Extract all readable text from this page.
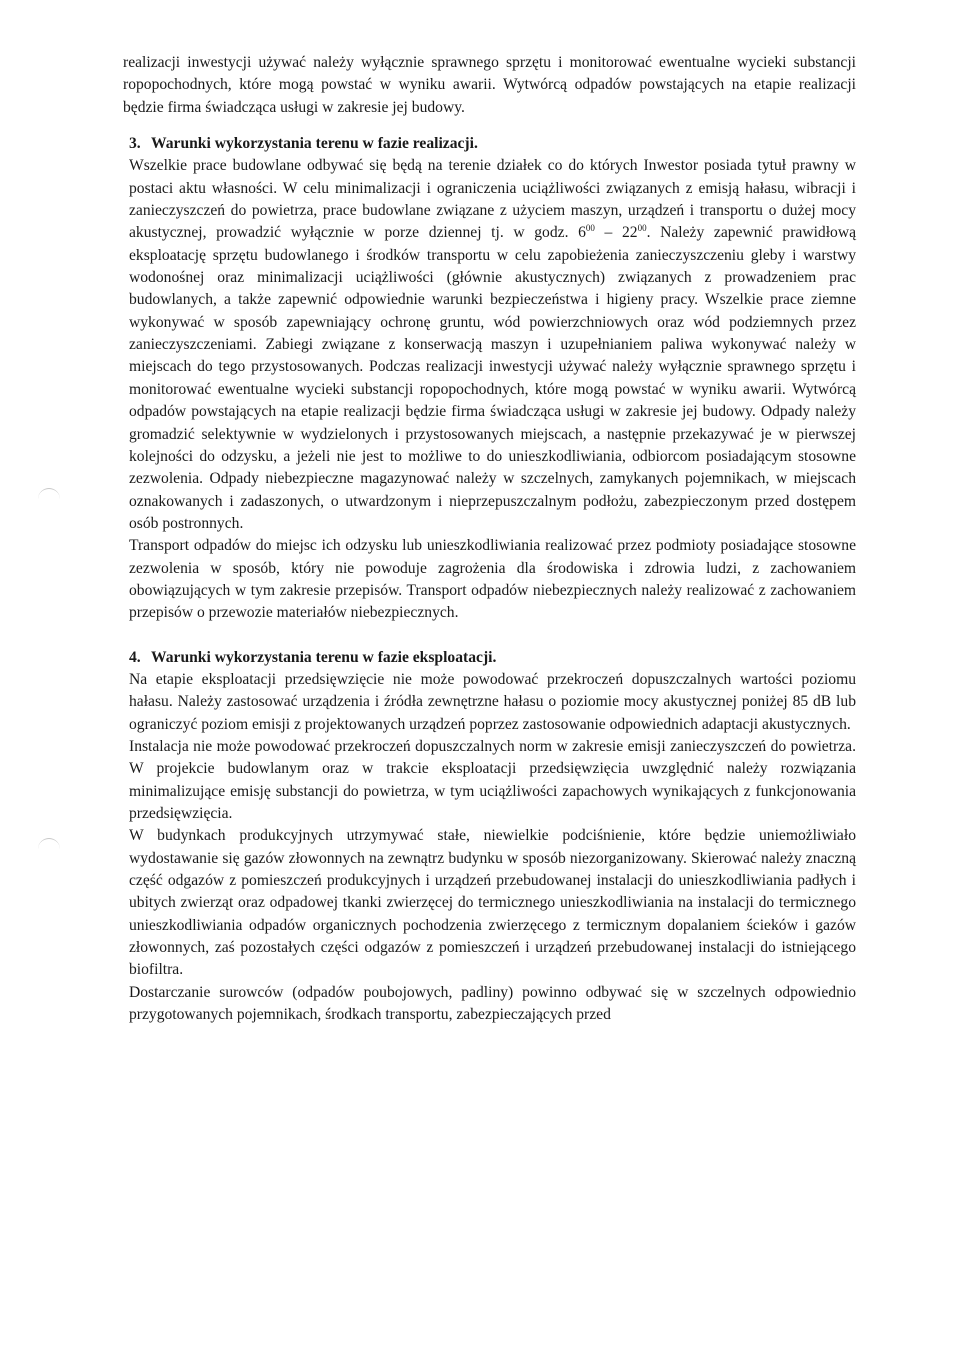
realizacji inwestycji używać należy wyłącznie sprawnego sprzętu i monitorować ewentualne wycieki substancji ropopochodnych, które mogą powstać w wyniku awarii. Wytwórcą odpadów powstających na etapie realizacji będzie firma świadcząca usługi w zakresie jej budowy.

3. Warunki wykorzystania terenu w fazie realizacji.

Wszelkie prace budowlane odbywać się będą na terenie działek co do których Inwestor posiada tytuł prawny w postaci aktu własności. W celu minimalizacji i ograniczenia uciążliwości związanych z emisją hałasu, wibracji i zanieczyszczeń do powietrza, prace budowlane związane z użyciem maszyn, urządzeń i transportu o dużej mocy akustycznej, prowadzić wyłącznie w porze dziennej tj. w godz. $6^{00} - 22^{00}$. Należy zapewnić prawidłową eksploatację sprzętu budowlanego i środków transportu w celu zapobieżenia zanieczyszczeniu gleby i warstwy wodonośnej oraz minimalizacji uciążliwości (głównie akustycznych) związanych z prowadzeniem prac budowlanych, a także zapewnić odpowiednie warunki bezpieczeństwa i higieny pracy. Wszelkie prace ziemne wykonywać w sposób zapewniający ochronę gruntu, wód powierzchniowych oraz wód podziemnych przez zanieczyszczeniami. Zabiegi związane z konserwacją maszyn i uzupełnianiem paliwa wykonywać należy w miejscach do tego przystosowanych. Podczas realizacji inwestycji używać należy wyłącznie sprawnego sprzętu i monitorować ewentualne wycieki substancji ropopochodnych, które mogą powstać w wyniku awarii. Wytwórcą odpadów powstających na etapie realizacji będzie firma świadcząca usługi w zakresie jej budowy. Odpady należy gromadzić selektywnie w wydzielonych i przystosowanych miejscach, a następnie przekazywać je w pierwszej kolejności do odzysku, a jeżeli nie jest to możliwe to do unieszkodliwiania, odbiorcom posiadającym stosowne zezwolenia. Odpady niebezpieczne magazynować należy w szczelnych, zamykanych pojemnikach, w miejscach oznakowanych i zadaszonych, o utwardzonym i nieprzepuszczalnym podłożu, zabezpieczonym przed dostępem osób postronnych.

Transport odpadów do miejsc ich odzysku lub unieszkodliwiania realizować przez podmioty posiadające stosowne zezwolenia w sposób, który nie powoduje zagrożenia dla środowiska i zdrowia ludzi, z zachowaniem obowiązujących w tym zakresie przepisów. Transport odpadów niebezpiecznych należy realizować z zachowaniem przepisów o przewozie materiałów niebezpiecznych.

4. Warunki wykorzystania terenu w fazie eksploatacji.

Na etapie eksploatacji przedsięwzięcie nie może powodować przekroczeń dopuszczalnych wartości poziomu hałasu. Należy zastosować urządzenia i źródła zewnętrzne hałasu o poziomie mocy akustycznej poniżej 85 dB lub ograniczyć poziom emisji z projektowanych urządzeń poprzez zastosowanie odpowiednich adaptacji akustycznych.

Instalacja nie może powodować przekroczeń dopuszczalnych norm w zakresie emisji zanieczyszczeń do powietrza. W projekcie budowlanym oraz w trakcie eksploatacji przedsięwzięcia uwzględnić należy rozwiązania minimalizujące emisję substancji do powietrza, w tym uciążliwości zapachowych wynikających z funkcjonowania przedsięwzięcia.

W budynkach produkcyjnych utrzymywać stałe, niewielkie podciśnienie, które będzie uniemożliwiało wydostawanie się gazów złowonnych na zewnątrz budynku w sposób niezorganizowany. Skierować należy znaczną część odgazów z pomieszczeń produkcyjnych i urządzeń przebudowanej instalacji do unieszkodliwiania padłych i ubitych zwierząt oraz odpadowej tkanki zwierzęcej do termicznego unieszkodliwiania na instalacji do termicznego unieszkodliwiania odpadów organicznych pochodzenia zwierzęcego z termicznym dopalaniem ścieków i gazów złowonnych, zaś pozostałych części odgazów z pomieszczeń i urządzeń przebudowanej instalacji do istniejącego biofiltra.

Dostarczanie surowców (odpadów poubojowych, padliny) powinno odbywać się w szczelnych odpowiednio przygotowanych pojemnikach, środkach transportu, zabezpieczających przed
